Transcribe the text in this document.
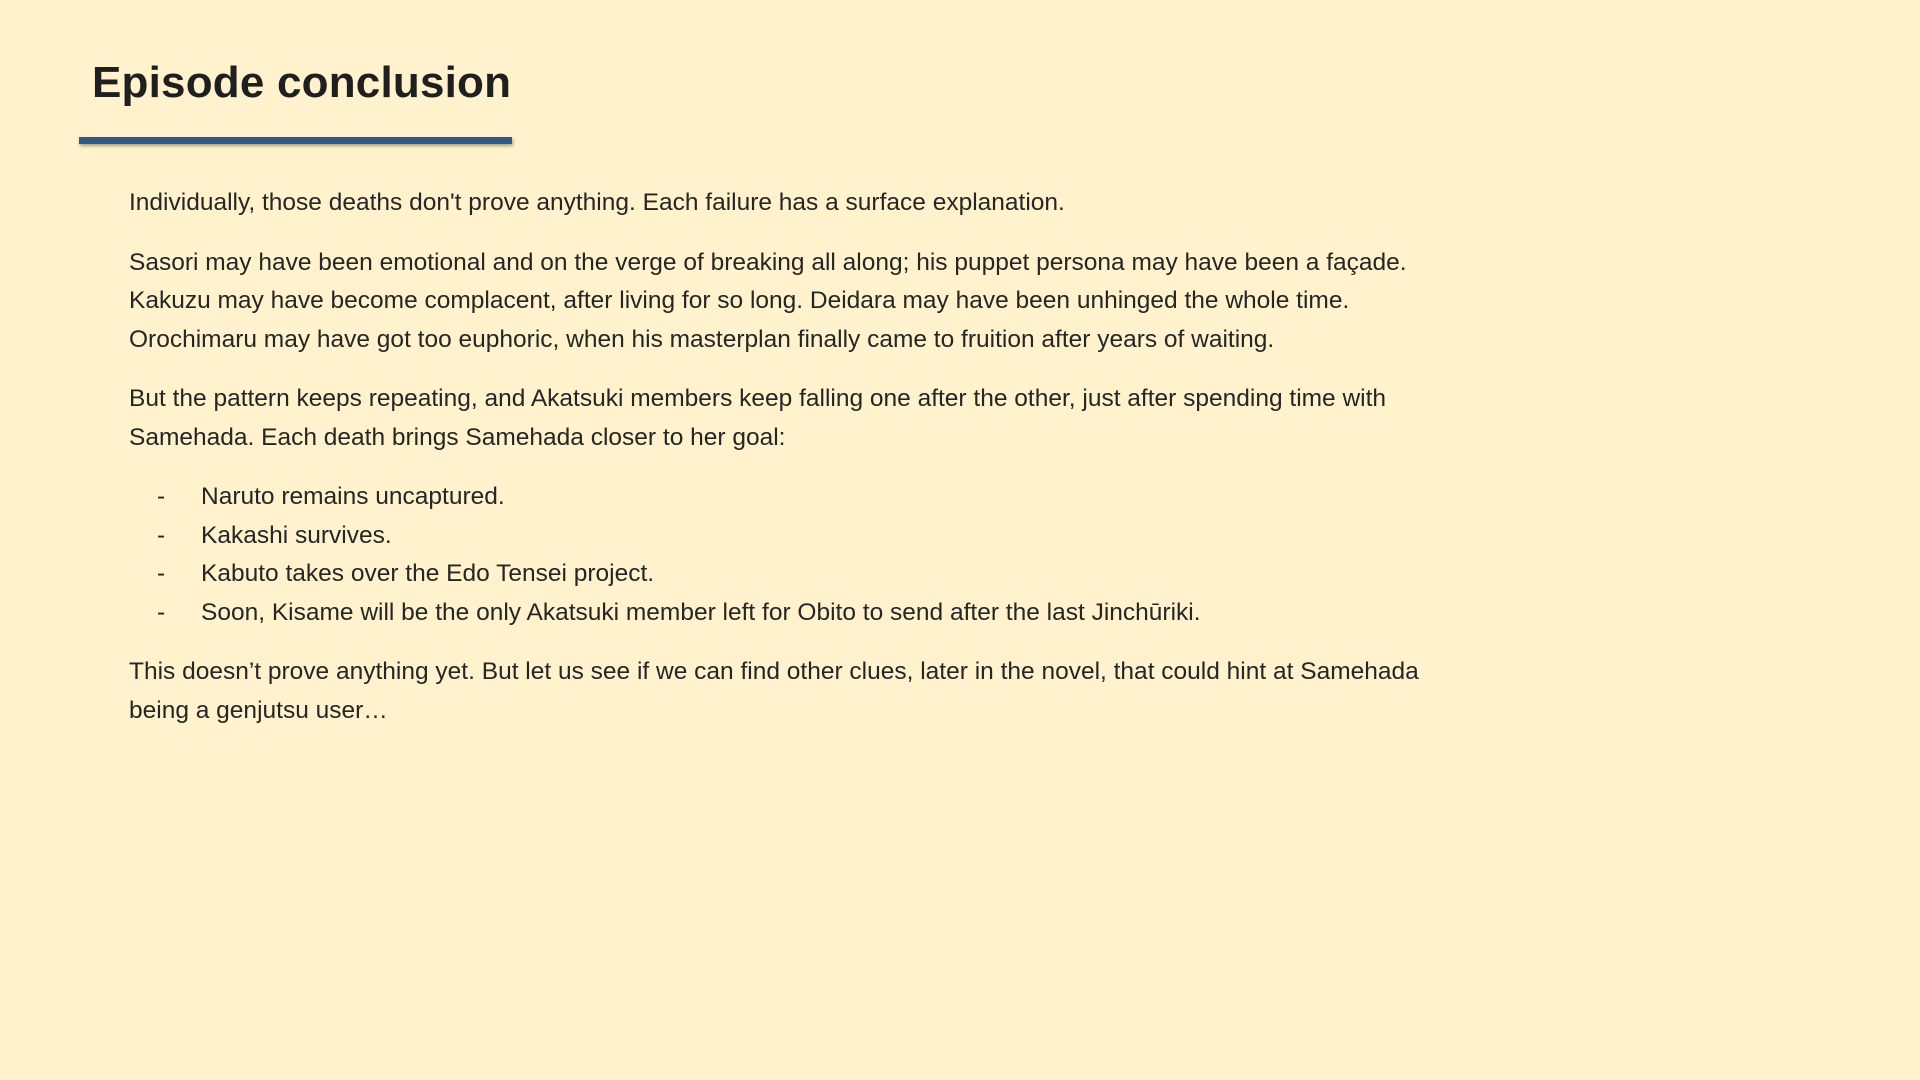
Episode conclusion

Individually, those deaths don't prove anything. Each failure has a surface explanation.

Sasori may have been emotional and on the verge of breaking all along; his puppet persona may have been a façade.
Kakuzu may have become complacent, after living for so long. Deidara may have been unhinged the whole time.
Orochimaru may have got too euphoric, when his masterplan finally came to fruition after years of waiting.

But the pattern keeps repeating, and Akatsuki members keep falling one after the other, just after spending time with
Samehada. Each death brings Samehada closer to her goal:

- Naruto remains uncaptured.
- Kakashi survives.
- Kabuto takes over the Edo Tensei project.
- Soon, Kisame will be the only Akatsuki member left for Obito to send after the last Jinchūriki.

This doesn’t prove anything yet. But let us see if we can find other clues, later in the novel, that could hint at Samehada
being a genjutsu user…
